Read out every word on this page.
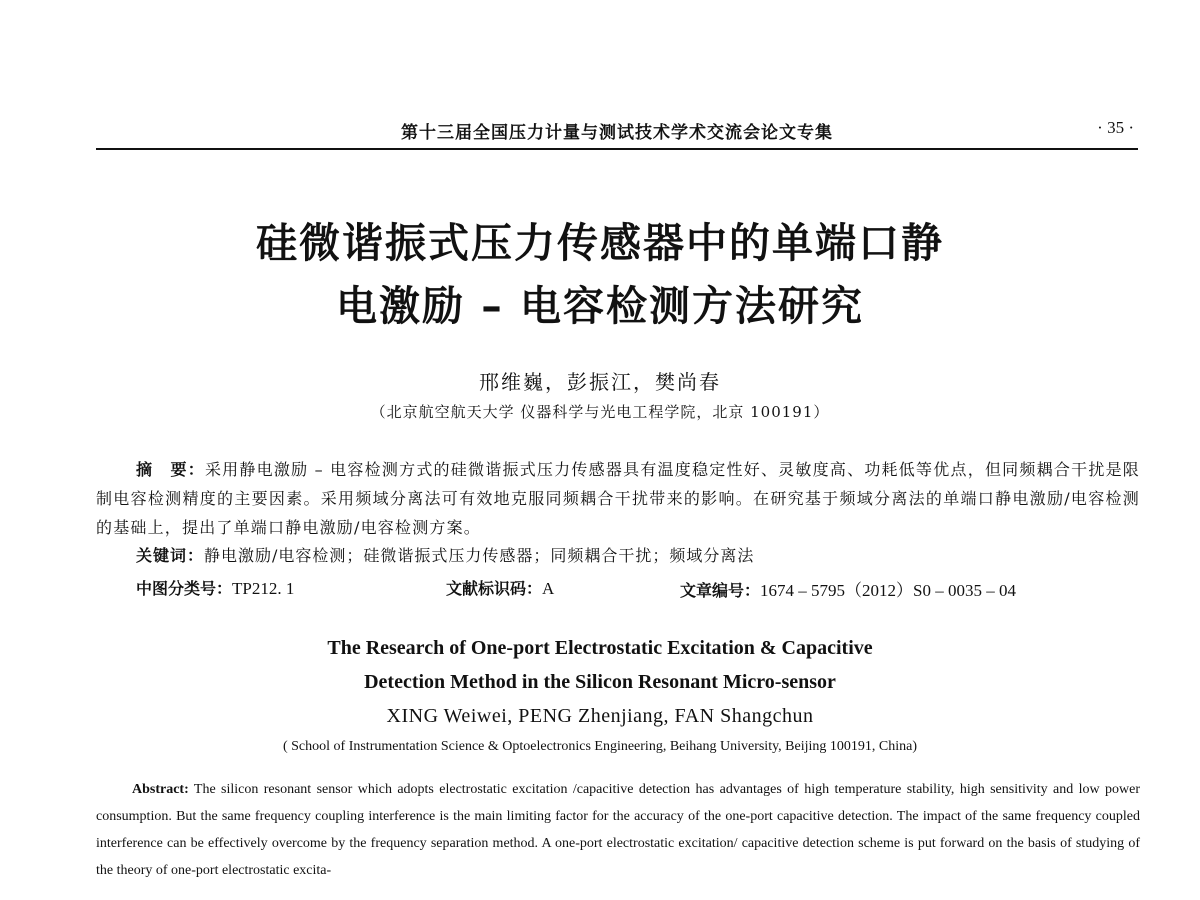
第十三届全国压力计量与测试技术学术交流会论文专集	· 35 ·
硅微谐振式压力传感器中的单端口静
电激励 – 电容检测方法研究
邢维巍，彭振江，樊尚春
（北京航空航天大学 仪器科学与光电工程学院，北京 100191）
摘　要：采用静电激励 – 电容检测方式的硅微谐振式压力传感器具有温度稳定性好、灵敏度高、功耗低等优点，但同频耦合干扰是限制电容检测精度的主要因素。采用频域分离法可有效地克服同频耦合干扰带来的影响。在研究基于频域分离法的单端口静电激励/电容检测的基础上，提出了单端口静电激励/电容检测方案。
关键词：静电激励/电容检测；硅微谐振式压力传感器；同频耦合干扰；频域分离法
中图分类号：TP212. 1	文献标识码：A	文章编号：1674 – 5795（2012）S0 – 0035 – 04
The Research of One-port Electrostatic Excitation & Capacitive
Detection Method in the Silicon Resonant Micro-sensor
XING Weiwei, PENG Zhenjiang, FAN Shangchun
( School of Instrumentation Science & Optoelectronics Engineering, Beihang University, Beijing 100191, China)
Abstract: The silicon resonant sensor which adopts electrostatic excitation /capacitive detection has advantages of high temperature stability, high sensitivity and low power consumption. But the same frequency coupling interference is the main limiting factor for the accuracy of the one-port capacitive detection. The impact of the same frequency coupled interference can be effectively overcome by the frequency separation method. A one-port electrostatic excitation/ capacitive detection scheme is put forward on the basis of studying of the theory of one-port electrostatic excita-
